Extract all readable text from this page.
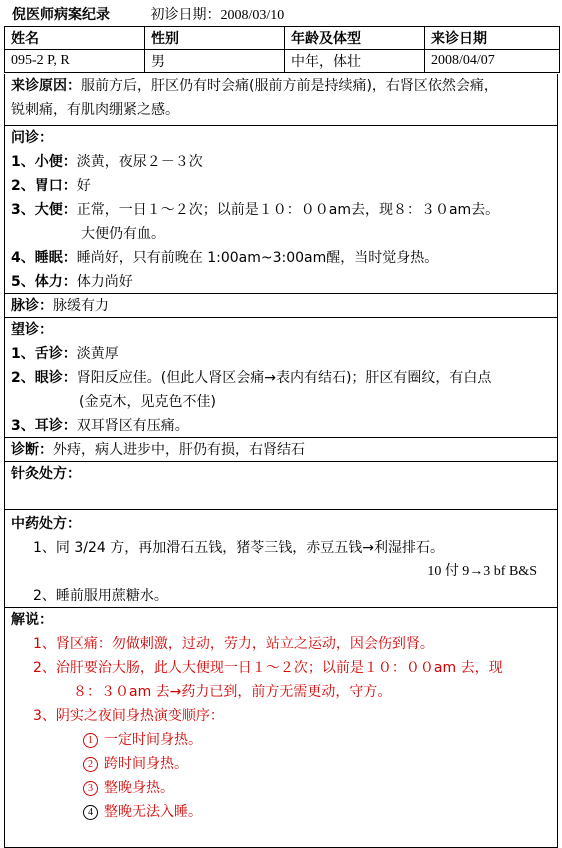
倪医师病案纪录	初诊日期：2008/03/10
姓名	性别	年龄及体型	来诊日期
095-2 P, R	男	中年，体壮	2008/04/07
来诊原因：服前方后，肝区仍有时会痛(服前方前是持续痛)，右肾区依然会痛，
锐刺痛，有肌肉绷紧之感。
问诊：
1、小便：淡黄，夜尿２－３次
2、胃口：好
3、大便：正常，一日１～２次；以前是１０：００am去，现８：３０am去。
大便仍有血。
4、睡眠：睡尚好，只有前晚在 1:00am~3:00am醒，当时觉身热。
5、体力：体力尚好
脉诊：脉缓有力
望诊：
1、舌诊：淡黄厚
2、眼诊：肾阳反应佳。(但此人肾区会痛→表内有结石)；肝区有圈纹，有白点
(金克木，见克色不佳)
3、耳诊：双耳肾区有压痛。
诊断：外痔，病人进步中，肝仍有损，右肾结石
针灸处方：
中药处方：
1、同 3/24 方，再加滑石五钱，猪苓三钱，赤豆五钱→利湿排石。
10 付 9→3 bf B&S
2、睡前服用蔗糖水。
解说：
1、肾区痛：勿做剌激，过动，劳力，站立之运动，因会伤到肾。
2、治肝要治大肠，此人大便现一日１～２次；以前是１０：００am 去，现
８：３０am 去→药力已到，前方无需更动，守方。
3、阴实之夜间身热演变顺序：
1 一定时间身热。
2 跨时间身热。
3 整晚身热。
4 整晚无法入睡。
